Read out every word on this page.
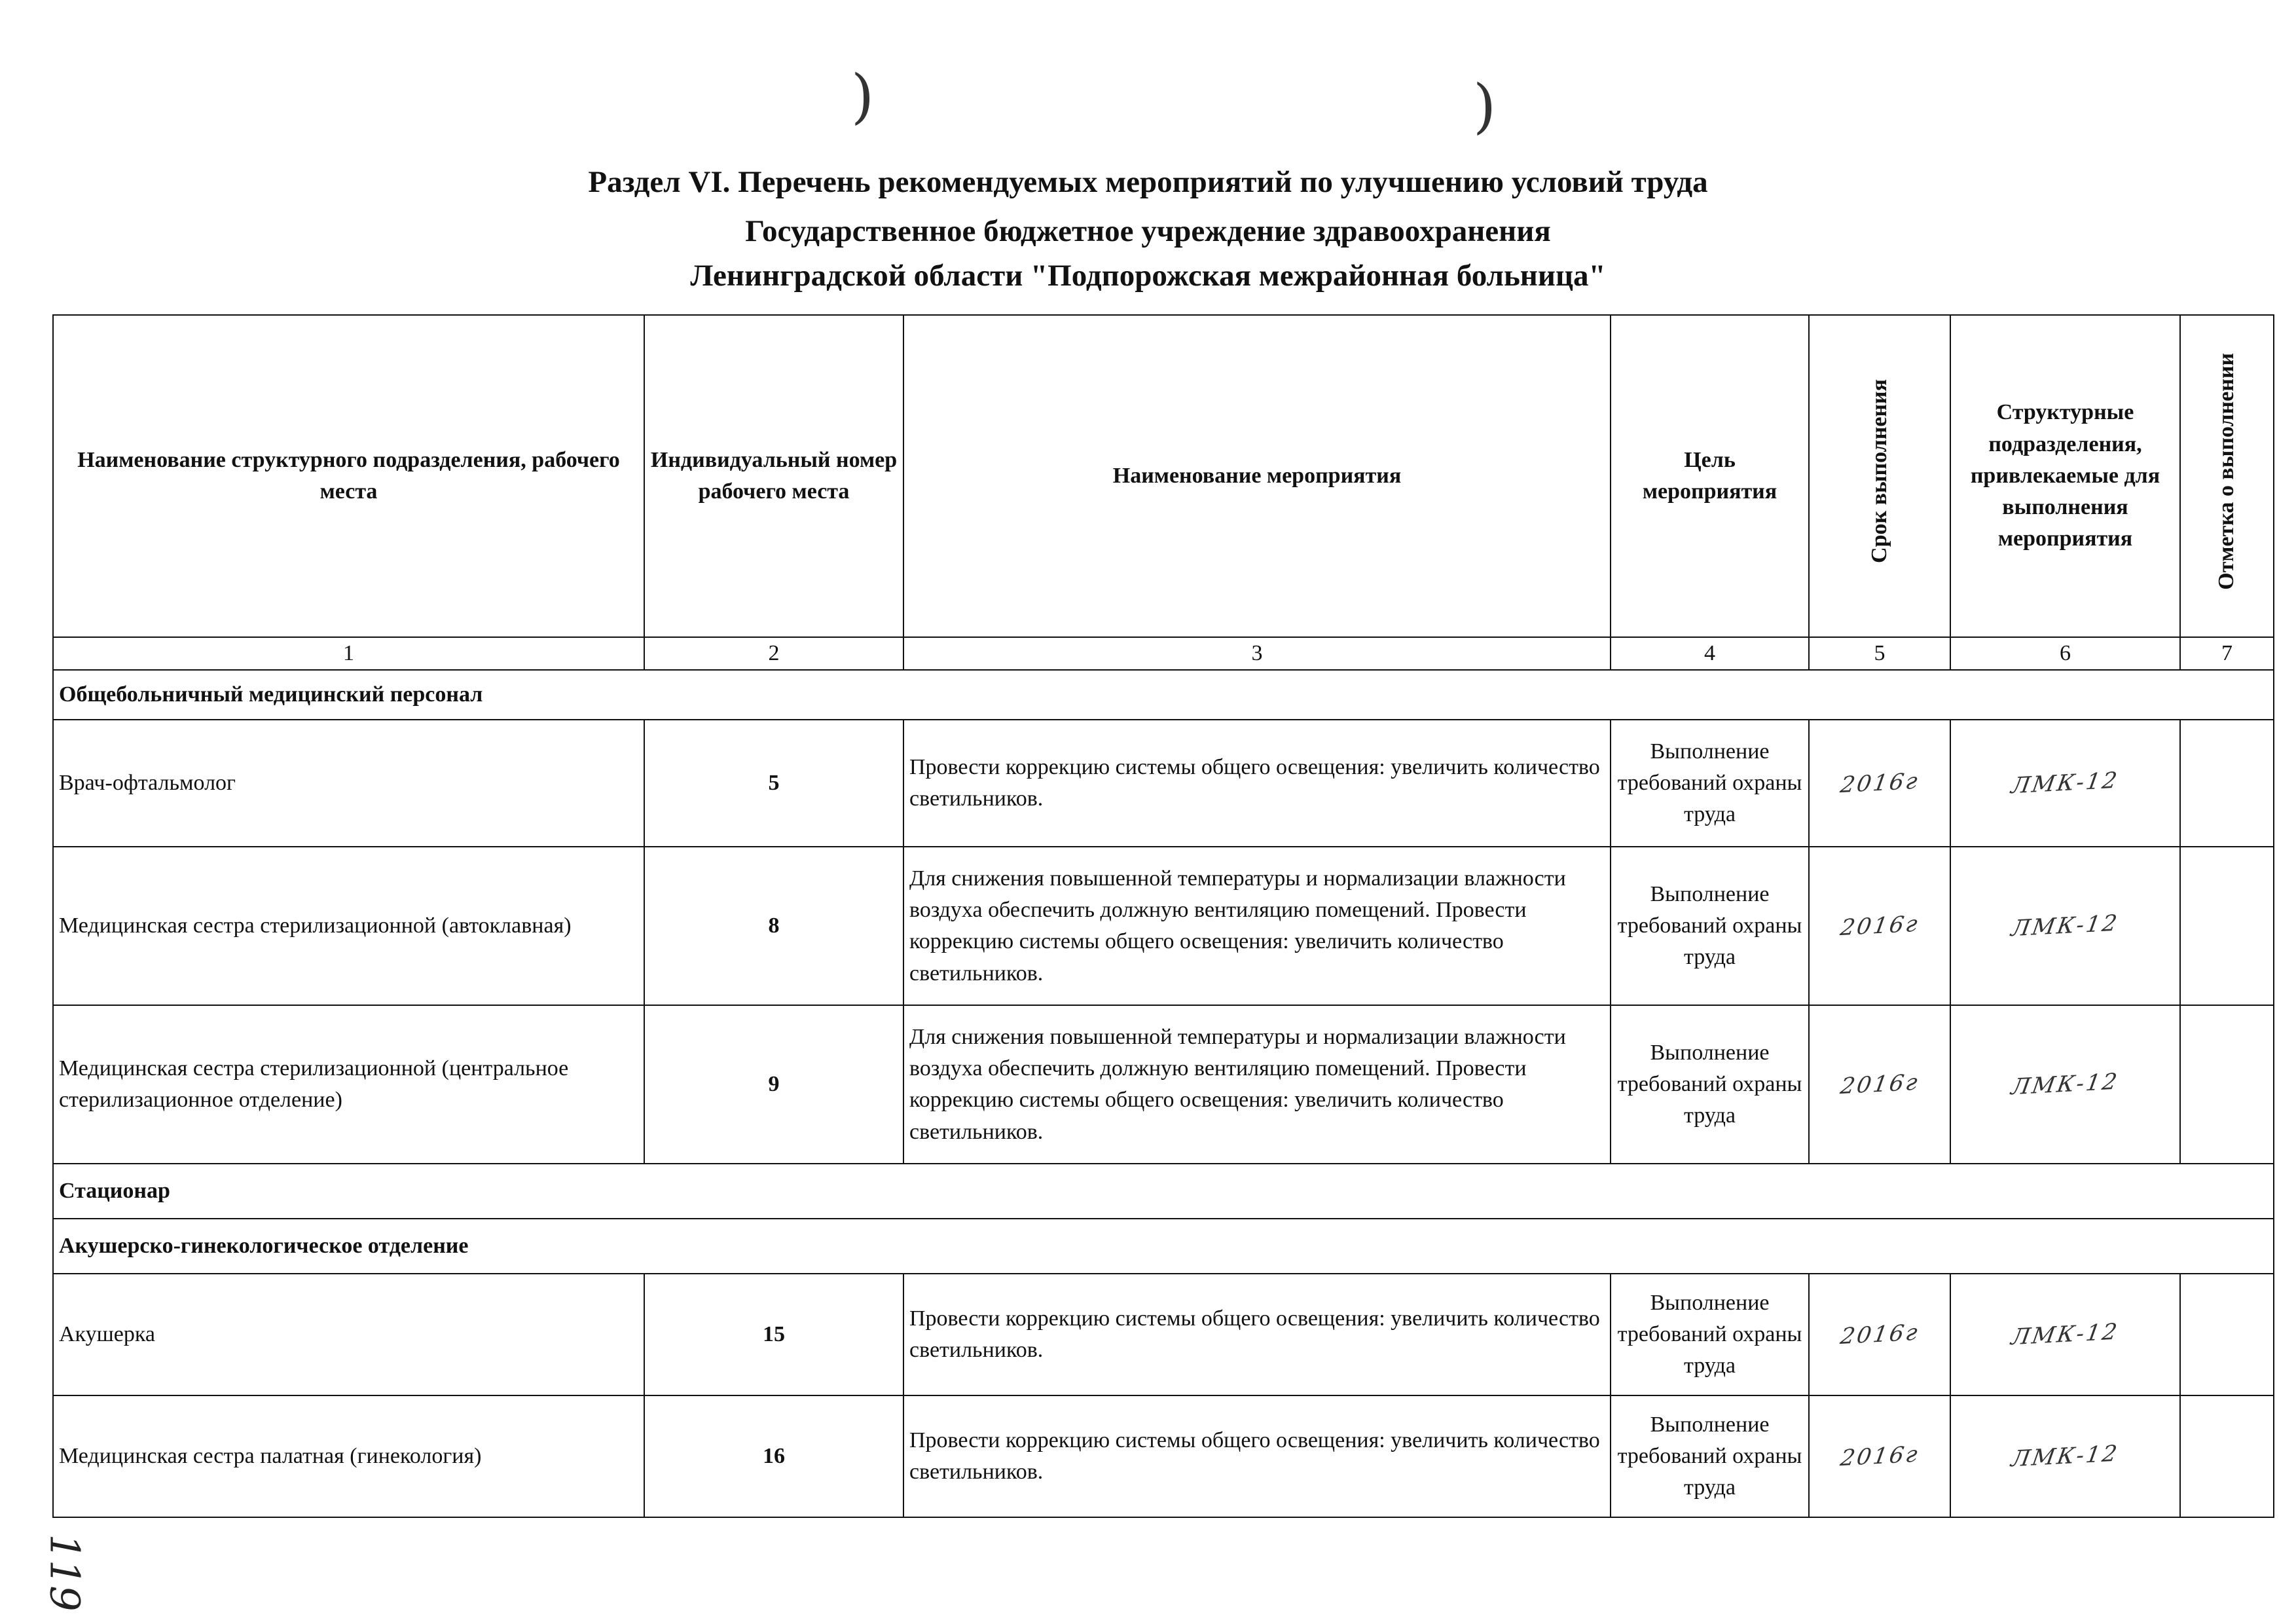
)	)
Раздел VI. Перечень рекомендуемых мероприятий по улучшению условий труда
Государственное бюджетное учреждение здравоохранения
Ленинградской области "Подпорожская межрайонная больница"
Наименование структурного подразделения, рабочего места	Индивидуальный номер рабочего места	Наименование мероприятия	Цель мероприятия	Срок выполнения	Структурные подразделения, привлекаемые для выполнения мероприятия	Отметка о выполнении
1	2	3	4	5	6	7
Общебольничный медицинский персонал						
Врач-офтальмолог	5	Провести коррекцию системы общего освещения: увеличить количество светильников.	Выполнение требований охраны труда	2016г	ЛМК-12	
Медицинская сестра стерилизационной (автоклавная)	8	Для снижения повышенной температуры и нормализации влажности воздуха обеспечить должную вентиляцию помещений. Провести коррекцию системы общего освещения: увеличить количество светильников.	Выполнение требований охраны труда	2016г	ЛМК-12	
Медицинская сестра стерилизационной (центральное стерилизационное отделение)	9	Для снижения повышенной температуры и нормализации влажности воздуха обеспечить должную вентиляцию помещений. Провести коррекцию системы общего освещения: увеличить количество светильников.	Выполнение требований охраны труда	2016г	ЛМК-12	
Стационар						
Акушерско-гинекологическое отделение						
Акушерка	15	Провести коррекцию системы общего освещения: увеличить количество светильников.	Выполнение требований охраны труда	2016г	ЛМК-12	
Медицинская сестра палатная (гинекология)	16	Провести коррекцию системы общего освещения: увеличить количество светильников.	Выполнение требований охраны труда	2016г	ЛМК-12	
119
